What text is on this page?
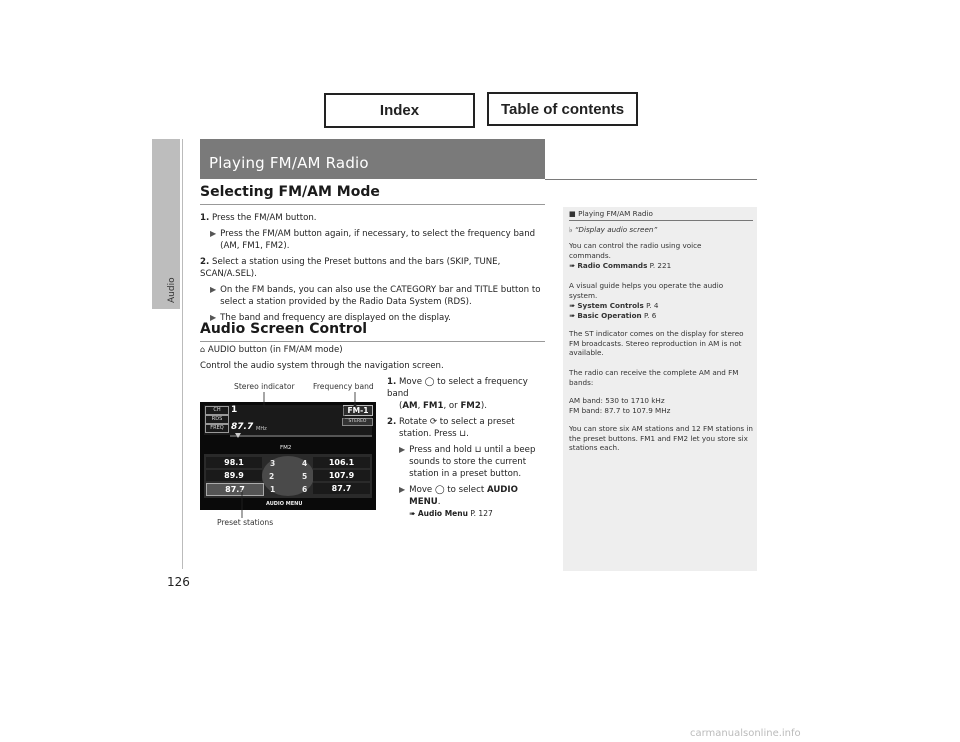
Index	Table of contents
Audio
Playing FM/AM Radio
Selecting FM/AM Mode
1. Press the FM/AM button.
▶ Press the FM/AM button again, if necessary, to select the frequency band (AM, FM1, FM2).
2. Select a station using the Preset buttons and the bars (SKIP, TUNE, SCAN/A.SEL).
▶ On the FM bands, you can also use the CATEGORY bar and TITLE button to select a station provided by the Radio Data System (RDS).
▶ The band and frequency are displayed on the display.
Audio Screen Control
⌂ AUDIO button (in FM/AM mode)
Control the audio system through the navigation screen.
1. Move ◯ to select a frequency band
(AM, FM1, or FM2).
2. Rotate ⟳ to select a preset
station. Press ⊔.
▶ Press and hold ⊔ until a beep
sounds to store the current
station in a preset button.
▶ Move ◯ to select AUDIO
MENU.
➠ Audio Menu P. 127
Stereo indicator Frequency band
Preset stations
CH
RDS
FREQ
1
87.7 MHz
FM-1
STEREO
FM2
98.1
89.9
87.7
106.1
107.9
87.7
3
2
1
4
5
6
AUDIO MENU
■ Playing FM/AM Radio
♭ “Display audio screen”
You can control the radio using voice commands.
➠ Radio Commands P. 221
A visual guide helps you operate the audio system.
➠ System Controls P. 4
➠ Basic Operation P. 6
The ST indicator comes on the display for stereo FM broadcasts. Stereo reproduction in AM is not available.
The radio can receive the complete AM and FM bands:
AM band: 530 to 1710 kHz
FM band: 87.7 to 107.9 MHz
You can store six AM stations and 12 FM stations in the preset buttons. FM1 and FM2 let you store six stations each.
126
carmanualsonline.info
